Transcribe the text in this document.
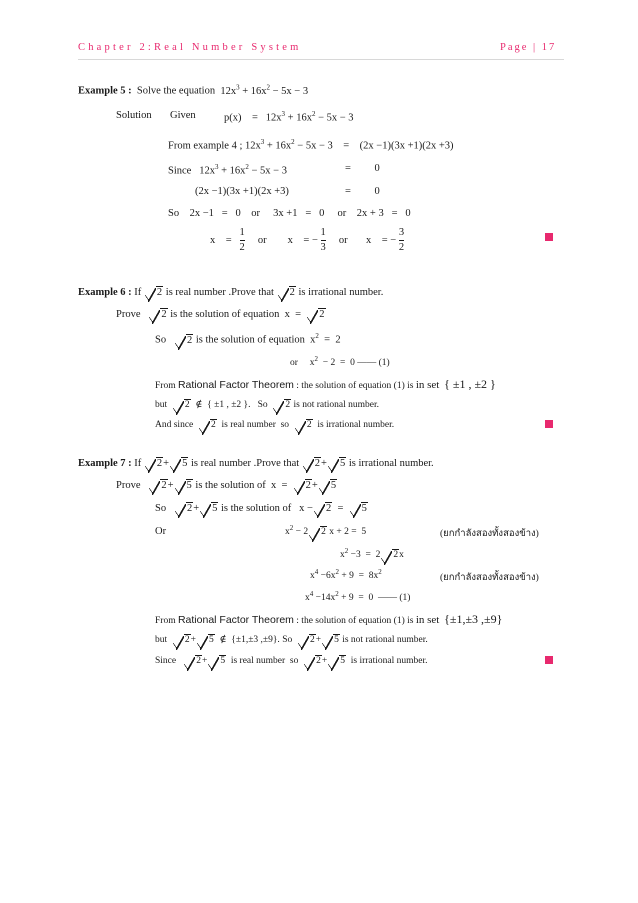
Chapter 2:Real Number System	Page | 17
Example 5 : Solve the equation $12x^3 + 16x^2 - 5x - 3$
Solution Given	p(x)    =   $12x^3 + 16x^2 - 5x - 3$
From example 4 ; $12x^3 + 16x^2 - 5x - 3$    =    (2x −1)(3x +1)(2x +3)
Since   $12x^3 + 16x^2 - 5x - 3$	=         0
(2x −1)(3x +1)(2x +3)	=         0
So    2x −1   =   0    or     3x +1   =   0     or    2x + 3   =   0
x    = $\frac{1}{2}$ or        x    = − $\frac{1}{3}$ or       x    = − $\frac{3}{2}$
Example 6 : If 2 is real number .Prove that 2 is irrational number.
Prove   2 is the solution of equation  x  =  2
So   2 is the solution of equation  $x^2 = 2$
or     $x^2 - 2 = 0$ —— (1)
From Rational Factor Theorem : the solution of equation (1) is in set { ±1 , ±2 }
but  2  ∉  { ±1 , ±2 }.   So  2 is not rational number.
And since  2  is real number  so  2  is irrational number.
Example 7 : If 2+ 5 is real number .Prove that 2+ 5 is irrational number.
Prove   2+ 5 is the solution of  x  =  2+ 5
So   2+ 5 is the solution of   x − 2  =  5
Or	$x^2 - 2$ 2 x + 2 =  5	(ยกกำลังสองทั้งสองข้าง)
$x^2 -3 = 2$ 2x
$x^4 -6x^2 + 9 = 8x^2$
(ยกกำลังสองทั้งสองข้าง)
$x^4 -14x^2 + 9 = 0$  —— (1)
From Rational Factor Theorem : the solution of equation (1) is in set {±1,±3 ,±9}
but  2+ 5  ∉  {±1,±3 ,±9}. So  2+ 5 is not rational number.
Since   2+ 5  is real number  so  2+ 5  is irrational number.
